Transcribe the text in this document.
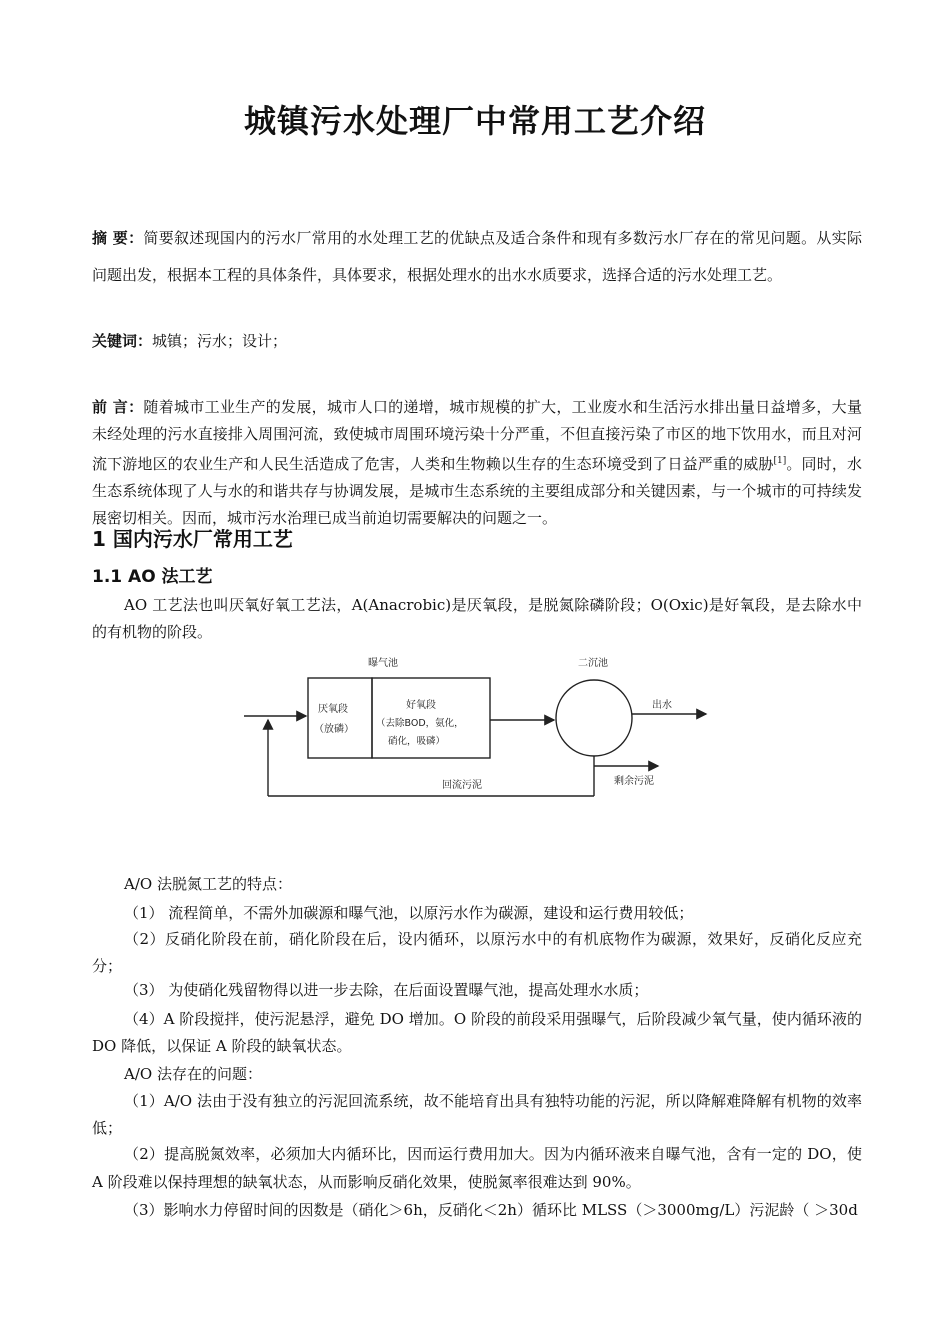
城镇污水处理厂中常用工艺介绍
摘 要：简要叙述现国内的污水厂常用的水处理工艺的优缺点及适合条件和现有多数污水厂存在的常见问题。从实际问题出发，根据本工程的具体条件，具体要求，根据处理水的出水水质要求，选择合适的污水处理工艺。
关键词：城镇；污水；设计；
前 言：随着城市工业生产的发展，城市人口的递增，城市规模的扩大，工业废水和生活污水排出量日益增多，大量未经处理的污水直接排入周围河流，致使城市周围环境污染十分严重，不但直接污染了市区的地下饮用水，而且对河流下游地区的农业生产和人民生活造成了危害，人类和生物赖以生存的生态环境受到了日益严重的威胁[1]。同时，水生态系统体现了人与水的和谐共存与协调发展，是城市生态系统的主要组成部分和关键因素，与一个城市的可持续发展密切相关。因而，城市污水治理已成当前迫切需要解决的问题之一。
1 国内污水厂常用工艺
1.1 AO 法工艺
AO 工艺法也叫厌氧好氧工艺法，A(Anacrobic)是厌氧段，是脱氮除磷阶段；O(Oxic)是好氧段，是去除水中的有机物的阶段。
曝气池	二沉池
厌氧段
（放磷）
好氧段
（去除BOD，氨化，
硝化，吸磷）
出水
剩余污泥
回流污泥
A/O 法脱氮工艺的特点：
（1） 流程简单，不需外加碳源和曝气池，以原污水作为碳源，建设和运行费用较低；
（2）反硝化阶段在前，硝化阶段在后，设内循环，以原污水中的有机底物作为碳源，效果好，反硝化反应充分；
（3） 为使硝化残留物得以进一步去除，在后面设置曝气池，提高处理水水质；
（4）A 阶段搅拌，使污泥悬浮，避免 DO 增加。O 阶段的前段采用强曝气，后阶段减少氧气量，使内循环液的 DO 降低，以保证 A 阶段的缺氧状态。
A/O 法存在的问题：
（1）A/O 法由于没有独立的污泥回流系统，故不能培育出具有独特功能的污泥，所以降解难降解有机物的效率低；
（2）提高脱氮效率，必须加大内循环比，因而运行费用加大。因为内循环液来自曝气池，含有一定的 DO，使 A 阶段难以保持理想的缺氧状态，从而影响反硝化效果，使脱氮率很难达到 90%。
（3）影响水力停留时间的因数是（硝化＞6h，反硝化＜2h）循环比 MLSS（＞3000mg/L）污泥龄（ ＞30d
